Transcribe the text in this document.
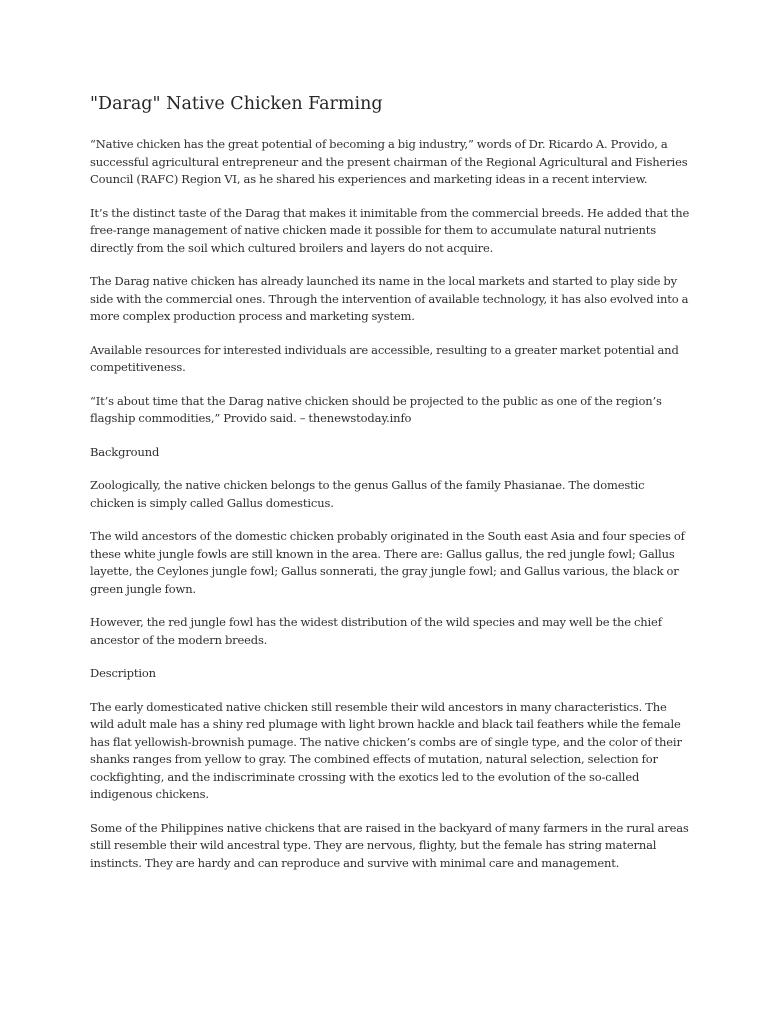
"Darag" Native Chicken Farming

“Native chicken has the great potential of becoming a big industry,” words of Dr. Ricardo A. Provido, a successful agricultural entrepreneur and the present chairman of the Regional Agricultural and Fisheries Council (RAFC) Region VI, as he shared his experiences and marketing ideas in a recent interview.

It’s the distinct taste of the Darag that makes it inimitable from the commercial breeds. He added that the free-range management of native chicken made it possible for them to accumulate natural nutrients directly from the soil which cultured broilers and layers do not acquire.

The Darag native chicken has already launched its name in the local markets and started to play side by side with the commercial ones. Through the intervention of available technology, it has also evolved into a more complex production process and marketing system.

Available resources for interested individuals are accessible, resulting to a greater market potential and competitiveness.

“It’s about time that the Darag native chicken should be projected to the public as one of the region’s flagship commodities,” Provido said. – thenewstoday.info

Background

Zoologically, the native chicken belongs to the genus Gallus of the family Phasianae. The domestic chicken is simply called Gallus domesticus.

The wild ancestors of the domestic chicken probably originated in the South east Asia and four species of these white jungle fowls are still known in the area. There are: Gallus gallus, the red jungle fowl; Gallus layette, the Ceylones jungle fowl; Gallus sonnerati, the gray jungle fowl; and Gallus various, the black or green jungle fown.

However, the red jungle fowl has the widest distribution of the wild species and may well be the chief ancestor of the modern breeds.

Description

The early domesticated native chicken still resemble their wild ancestors in many characteristics. The wild adult male has a shiny red plumage with light brown hackle and black tail feathers while the female has flat yellowish-brownish pumage. The native chicken’s combs are of single type, and the color of their shanks ranges from yellow to gray. The combined effects of mutation, natural selection, selection for cockfighting, and the indiscriminate crossing with the exotics led to the evolution of the so-called indigenous chickens.

Some of the Philippines native chickens that are raised in the backyard of many farmers in the rural areas still resemble their wild ancestral type. They are nervous, flighty, but the female has string maternal instincts. They are hardy and can reproduce and survive with minimal care and management.
